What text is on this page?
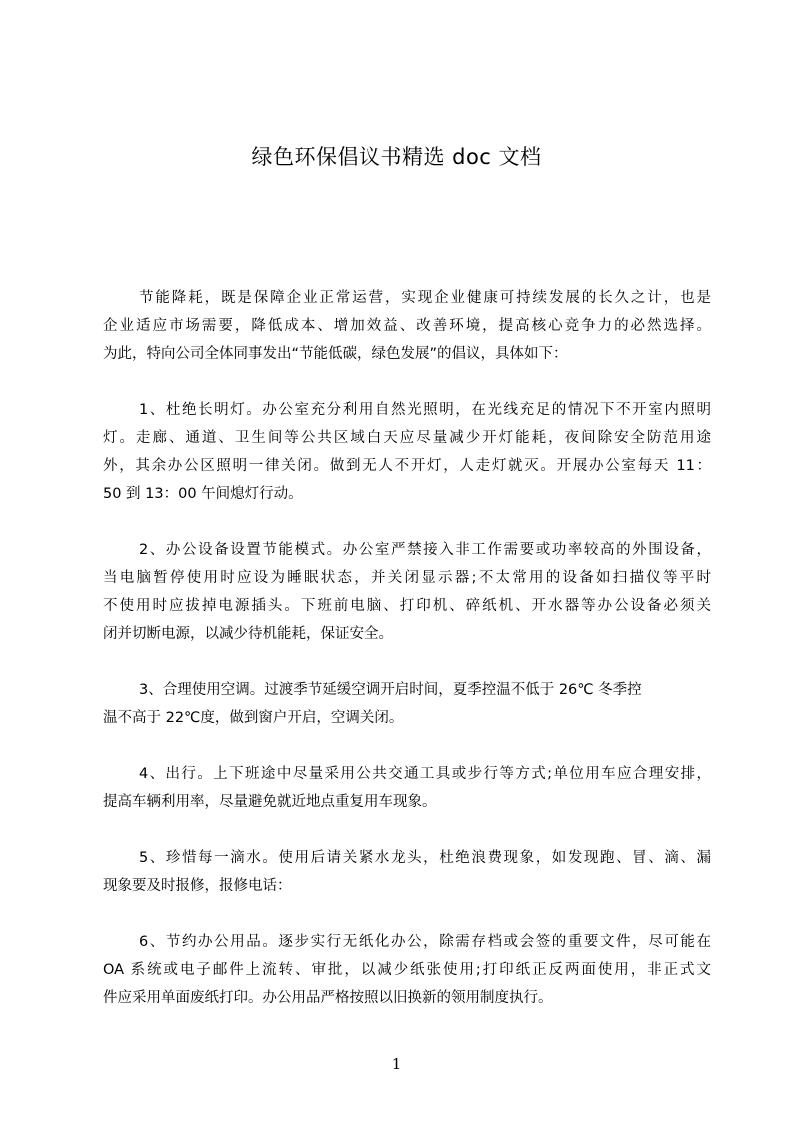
绿色环保倡议书精选 doc 文档

节能降耗，既是保障企业正常运营，实现企业健康可持续发展的长久之计，也是
企业适应市场需要，降低成本、增加效益、改善环境，提高核心竞争力的必然选择。
为此，特向公司全体同事发出“节能低碳，绿色发展”的倡议，具体如下：

1、杜绝长明灯。办公室充分利用自然光照明，在光线充足的情况下不开室内照明
灯。走廊、通道、卫生间等公共区域白天应尽量减少开灯能耗，夜间除安全防范用途
外，其余办公区照明一律关闭。做到无人不开灯，人走灯就灭。开展办公室每天 11：
50 到 13：00 午间熄灯行动。

2、办公设备设置节能模式。办公室严禁接入非工作需要或功率较高的外围设备，
当电脑暂停使用时应设为睡眠状态，并关闭显示器;不太常用的设备如扫描仪等平时
不使用时应拔掉电源插头。下班前电脑、打印机、碎纸机、开水器等办公设备必须关
闭并切断电源，以减少待机能耗，保证安全。

3、合理使用空调。过渡季节延缓空调开启时间，夏季控温不低于 26℃ 冬季控
温不高于 22℃度，做到窗户开启，空调关闭。

4、出行。上下班途中尽量采用公共交通工具或步行等方式;单位用车应合理安排，
提高车辆利用率，尽量避免就近地点重复用车现象。

5、珍惜每一滴水。使用后请关紧水龙头，杜绝浪费现象，如发现跑、冒、滴、漏
现象要及时报修，报修电话：

6、节约办公用品。逐步实行无纸化办公，除需存档或会签的重要文件，尽可能在
OA 系统或电子邮件上流转、审批，以减少纸张使用;打印纸正反两面使用，非正式文
件应采用单面废纸打印。办公用品严格按照以旧换新的领用制度执行。

1
